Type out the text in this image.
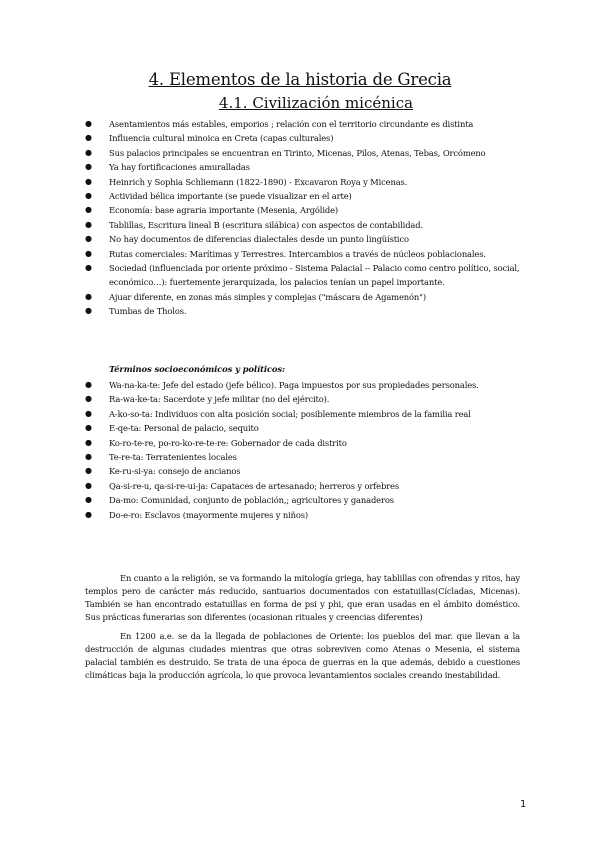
4. Elementos de la historia de Grecia
4.1. Civilización micénica
● Asentamientos más estables, emporios ; relación con el territorio circundante es distinta
● Influencia cultural minoica en Creta (capas culturales)
● Sus palacios principales se encuentran en Tirinto, Micenas, Pilos, Atenas, Tebas, Orcómeno
● Ya hay fortificaciones amuralladas
● Heinrich y Sophia Schliemann (1822-1890) - Excavaron Roya y Micenas.
● Actividad bélica importante (se puede visualizar en el arte)
● Economía: base agraria importante (Mesenia, Argólide)
● Tablillas, Escritura lineal B (escritura silábica) con aspectos de contabilidad.
● No hay documentos de diferencias dialectales desde un punto lingüístico
● Rutas comerciales: Marítimas y Terrestres. Intercambios a través de núcleos poblacionales.
● Sociedad (influenciada por oriente próximo - Sistema Palacial -- Palacio como centro político, social, económico…): fuertemente jerarquizada, los palacios tenían un papel importante.
● Ajuar diferente, en zonas más simples y complejas ("máscara de Agamenón")
● Tumbas de Tholos.

Términos socioeconómicos y políticos:

● Wa-na-ka-te: Jefe del estado (jefe bélico). Paga impuestos por sus propiedades personales.
● Ra-wa-ke-ta: Sacerdote y jefe militar (no del ejército).
● A-ko-so-ta: Individuos con alta posición social; posiblemente miembros de la familia real
● E-qe-ta: Personal de palacio, sequito
● Ko-ro-te-re, po-ro-ko-re-te-re: Gobernador de cada distrito
● Te-re-ta: Terratenientes locales
● Ke-ru-si-ya: consejo de ancianos
● Qa-si-re-u, qa-si-re-ui-ja: Capataces de artesanado; herreros y orfebres
● Da-mo: Comunidad, conjunto de población,; agricultores y ganaderos
● Do-e-ro: Esclavos (mayormente mujeres y niños)

En cuanto a la religión, se va formando la mitología griega, hay tablillas con ofrendas y ritos, hay templos pero de carácter más reducido, santuarios documentados con estatuillas(Cícladas, Micenas). También se han encontrado estatuillas en forma de psi y phi, que eran usadas en el ámbito doméstico. Sus prácticas funerarias son diferentes (ocasionan rituales y creencias diferentes)

En 1200 a.e. se da la llegada de poblaciones de Oriente: los pueblos del mar. que llevan a la destrucción de algunas ciudades mientras que otras sobreviven como Atenas o Mesenia, el sistema palacial también es destruido. Se trata de una época de guerras en la que además, debido a cuestiones climáticas baja la producción agrícola, lo que provoca levantamientos sociales creando inestabilidad.

1
